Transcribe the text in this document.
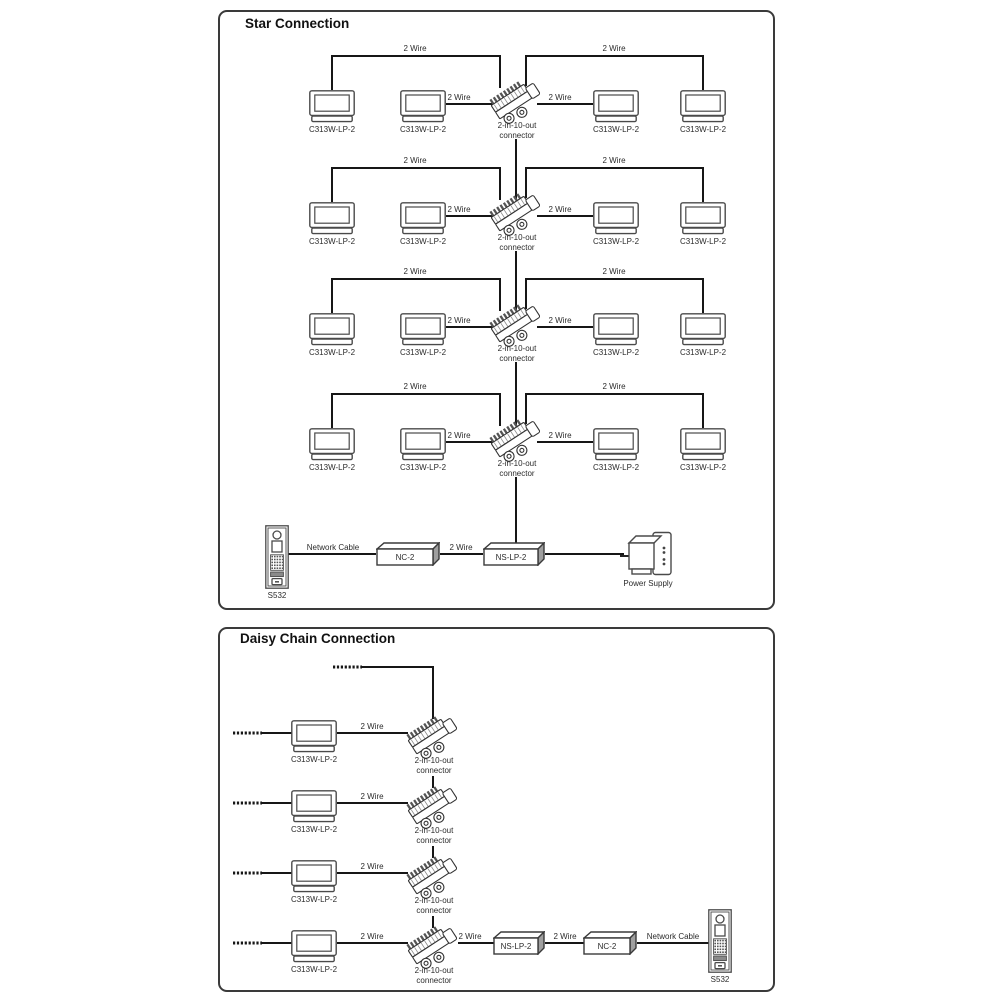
Star Connection
Daisy Chain Connection
2 Wire	2 Wire
2 Wire	2 Wire
2 Wire	2 Wire
2 Wire	2 Wire
2 Wire	2 Wire
2 Wire	2 Wire
2 Wire	2 Wire
2 Wire	2 Wire
Network Cable	2 Wire
2 Wire
2 Wire
2 Wire
2 Wire	2 Wire	2 Wire	Network Cable
C313W-LP-2	C313W-LP-2	C313W-LP-2	C313W-LP-2
2-in-10-out
connector
C313W-LP-2	C313W-LP-2	C313W-LP-2	C313W-LP-2
2-in-10-out
connector
C313W-LP-2	C313W-LP-2	C313W-LP-2	C313W-LP-2
2-in-10-out
connector
C313W-LP-2	C313W-LP-2	C313W-LP-2	C313W-LP-2
2-in-10-out
connector
S532
NC-2	NS-LP-2
Power Supply
C313W-LP-2	2-in-10-out
connector
C313W-LP-2	2-in-10-out
connector
C313W-LP-2	2-in-10-out
connector
C313W-LP-2	2-in-10-out
connector
NS-LP-2	NC-2
S532
